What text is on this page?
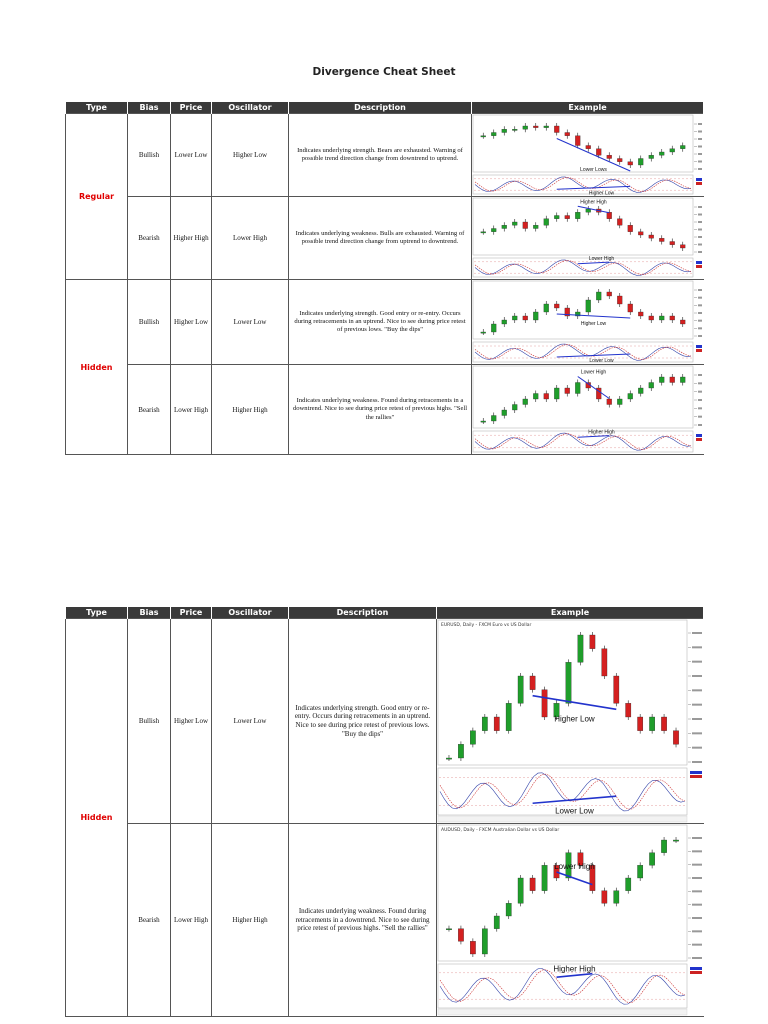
Divergence Cheat Sheet
Type	Bias	Price	Oscillator	Description	Example
Regular	Bullish	Lower Low	Higher Low	Indicates underlying strength. Bears are exhausted. Warning of possible trend direction change from downtrend to uptrend.	Lower Lows
Higher Low

	Bearish	Higher High	Lower High	Indicates underlying weakness. Bulls are exhausted. Warning of possible trend direction change from uptrend to downtrend.	Higher High
Lower High

Hidden	Bullish	Higher Low	Lower Low	Indicates underlying strength. Good entry or re-entry. Occurs during retracements in an uptrend. Nice to see during price retest of previous lows. "Buy the dips"	Higher Low
Lower Low

	Bearish	Lower High	Higher High	Indicates underlying weakness. Found during retracements in a downtrend. Nice to see during price retest of previous highs. "Sell the rallies"	Lower High
Higher High
Type	Bias	Price	Oscillator	Description	Example
Hidden	Bullish	Higher Low	Lower Low	Indicates underlying strength. Good entry or re-entry. Occurs during retracements in an uptrend. Nice to see during price retest of previous lows. "Buy the dips"	EURUSD, Daily - FXCM Euro vs US Dollar
Higher Low
Lower Low

	Bearish	Lower High	Higher High	Indicates underlying weakness. Found during retracements in a downtrend. Nice to see during price retest of previous highs. "Sell the rallies"	AUDUSD, Daily - FXCM Australian Dollar vs US Dollar
Lower High
Higher High
